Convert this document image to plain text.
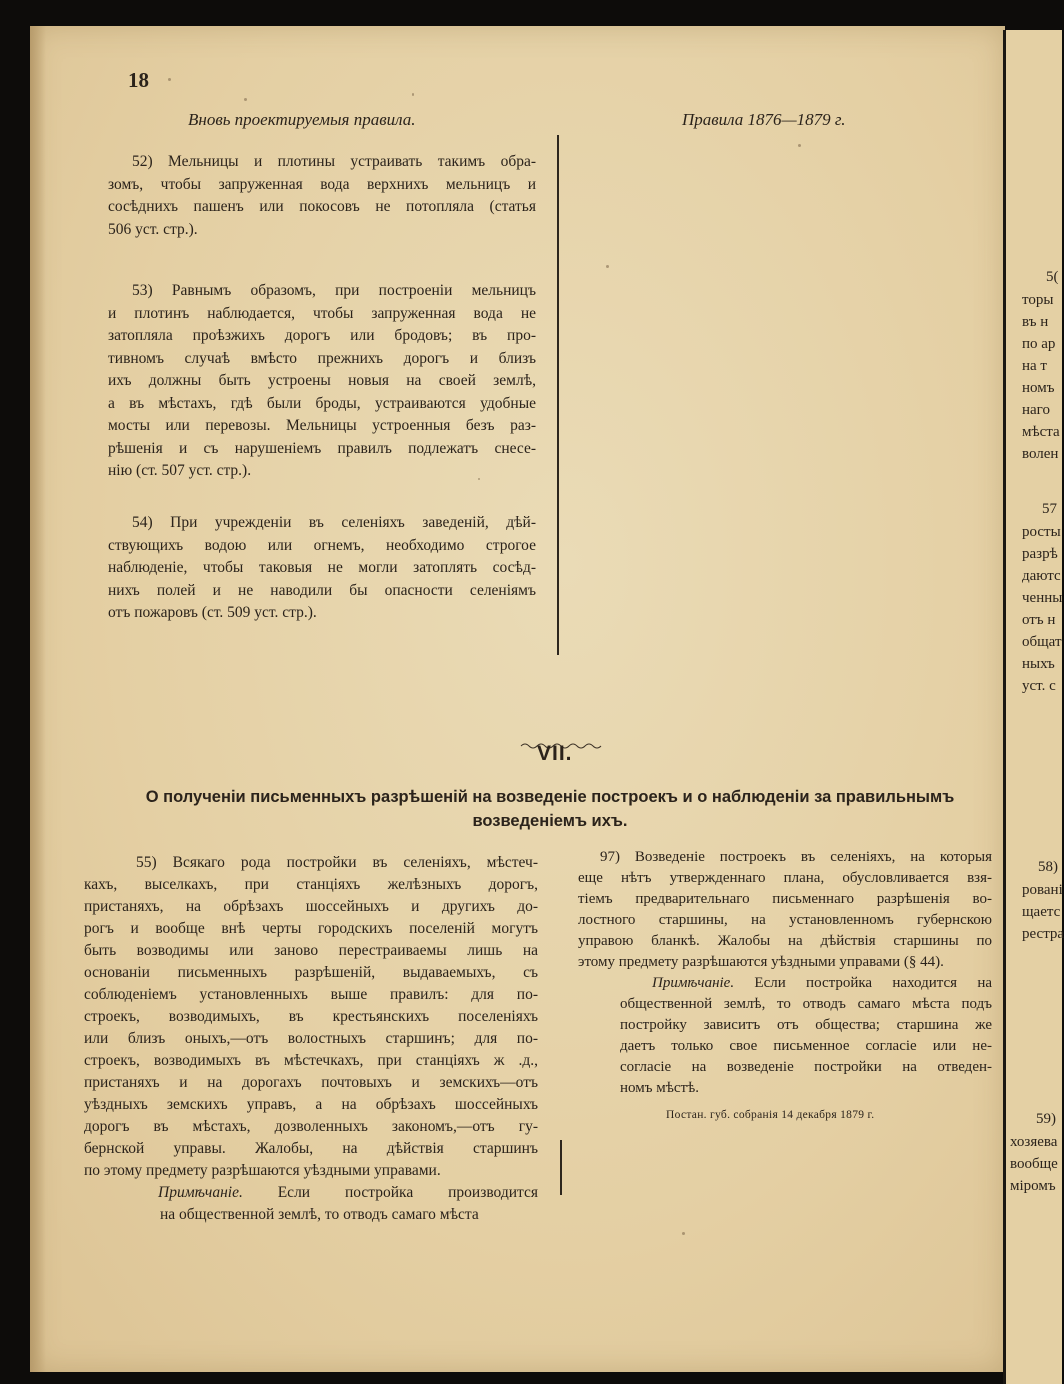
18
Вновь проектируемыя правила.	Правила 1876—1879 г.
52) Мельницы и плотины устраивать такимъ обра-
зомъ, чтобы запруженная вода верхнихъ мельницъ и
сосѣднихъ пашенъ или покосовъ не потопляла (статья
506 уст. стр.).
53) Равнымъ образомъ, при построеніи мельницъ
и плотинъ наблюдается, чтобы запруженная вода не
затопляла проѣзжихъ дорогъ или бродовъ; въ про-
тивномъ случаѣ вмѣсто прежнихъ дорогъ и близъ
ихъ должны быть устроены новыя на своей землѣ,
а въ мѣстахъ, гдѣ были броды, устраиваются удобные
мосты или перевозы. Мельницы устроенныя безъ раз-
рѣшенія и съ нарушеніемъ правилъ подлежатъ снесе-
нію (ст. 507 уст. стр.).
54) При учрежденіи въ селеніяхъ заведеній, дѣй-
ствующихъ водою или огнемъ, необходимо строгое
наблюденіе, чтобы таковыя не могли затоплять сосѣд-
нихъ полей и не наводили бы опасности селеніямъ
отъ пожаровъ (ст. 509 уст. стр.).
VII.
О полученіи письменныхъ разрѣшеній на возведеніе построекъ и о наблюденіи за правильнымъ
возведеніемъ ихъ.
55) Всякаго рода постройки въ селеніяхъ, мѣстеч-
кахъ, выселкахъ, при станціяхъ желѣзныхъ дорогъ,
пристаняхъ, на обрѣзахъ шоссейныхъ и другихъ до-
рогъ и вообще внѣ черты городскихъ поселеній могутъ
быть возводимы или заново перестраиваемы лишь на
основаніи письменныхъ разрѣшеній, выдаваемыхъ, съ
соблюденіемъ установленныхъ выше правилъ: для по-
строекъ, возводимыхъ, въ крестьянскихъ поселеніяхъ
или близъ оныхъ,—отъ волостныхъ старшинъ; для по-
строекъ, возводимыхъ въ мѣстечкахъ, при станціяхъ ж .д.,
пристаняхъ и на дорогахъ почтовыхъ и земскихъ—отъ
уѣздныхъ земскихъ управъ, а на обрѣзахъ шоссейныхъ
дорогъ въ мѣстахъ, дозволенныхъ закономъ,—отъ гу-
бернской управы. Жалобы, на дѣйствія старшинъ
по этому предмету разрѣшаются уѣздными управами.
Примѣчаніе. Если постройка производится
на общественной землѣ, то отводъ самаго мѣста
97) Возведеніе построекъ въ селеніяхъ, на которыя
еще нѣтъ утвержденнаго плана, обусловливается взя-
тіемъ предварительнаго письменнаго разрѣшенія во-
лостного старшины, на установленномъ губернскою
управою бланкѣ. Жалобы на дѣйствія старшины по
этому предмету разрѣшаются уѣздными управами (§ 44).
Примѣчаніе. Если постройка находится на
общественной землѣ, то отводъ самаго мѣста подъ
постройку зависитъ отъ общества; старшина же
даетъ только свое письменное согласіе или не-
согласіе на возведеніе постройки на отведен-
номъ мѣстѣ.
Постан. губ. собранія 14 декабря 1879 г.
5(
торы
въ н
по ар
на т
номъ
наго
мѣста
волен
57
росты
разрѣ
даютс
ченны
отъ н
общат
ныхъ
уст. с
58)
ровані
щаетс
рестра
59)
хозяева
вообще
міромъ
